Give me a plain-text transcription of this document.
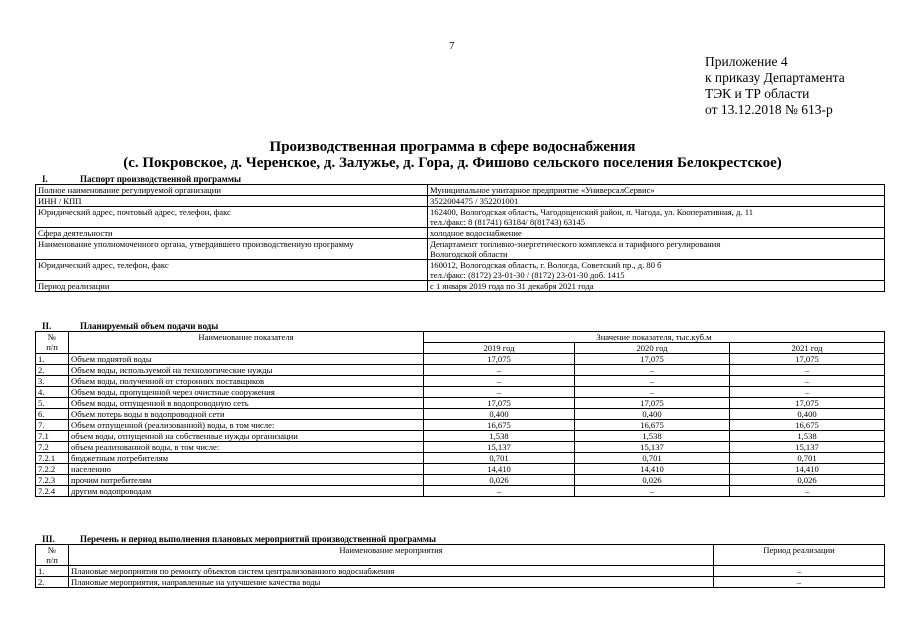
7
Приложение 4
к приказу Департамента
ТЭК и ТР области
от 13.12.2018 № 613-р
Производственная программа в сфере водоснабжения
(с. Покровское, д. Черенское, д. Залужье, д. Гора, д. Фишово сельского поселения Белокрестское)
I.	Паспорт производственной программы
Полное наименование регулируемой организации	Муниципальное унитарное предприятие «УниверсалСервис»
ИНН / КПП	3522004475 / 352201001
Юридический адрес, почтовый адрес, телефон, факс	162400, Вологодская область, Чагодощенский район, п. Чагода, ул. Кооперативная, д. 11
тел./факс: 8 (81741) 63184/ 8(81743) 63145

Сфера деятельности	холодное водоснабжение
Наименование уполномоченного органа, утвердившего производственную программу	Департамент топливно-энергетического комплекса и тарифного регулирования
Вологодской области

Юридический адрес, телефон, факс	160012, Вологодская область, г. Вологда, Советский пр., д. 80 б
тел./факс: (8172) 23-01-30 / (8172) 23-01-30 доб. 1415

Период реализации	с 1 января 2019 года по 31 декабря 2021 года
II.	Планируемый объем подачи воды
№
п/п	Наименование показателя	Значение показателя, тыс.куб.м		
		2019 год	2020 год	2021 год
1.	Объем поднятой воды	17,075	17,075	17,075
2.	Объем воды, используемой на технологические нужды	–	–	–
3.	Объем воды, полученной от сторонних поставщиков	–	–	–
4.	Объем воды, пропущенной через очистные сооружения	–	–	–
5.	Объем воды, отпущенной в водопроводную сеть	17,075	17,075	17,075
6.	Объем потерь воды в водопроводной сети	0,400	0,400	0,400
7.	Объем отпущенной (реализованной) воды, в том числе:	16,675	16,675	16,675
7.1	объем воды, отпущенной на собственные нужды организации	1,538	1,538	1,538
7.2	объем реализованной воды, в том числе:	15,137	15,137	15,137
7.2.1	бюджетным потребителям	0,701	0,701	0,701
7.2.2	населению	14,410	14,410	14,410
7.2.3	прочим потребителям	0,026	0,026	0,026
7.2.4	другим водопроводам	–	–	–
III.	Перечень и период выполнения плановых мероприятий производственной программы
№
п/п	Наименование мероприятия	Период реализации
1.	Плановые мероприятия по ремонту объектов систем централизованного водоснабжения	–
2.	Плановые мероприятия, направленные на улучшение качества воды	–
